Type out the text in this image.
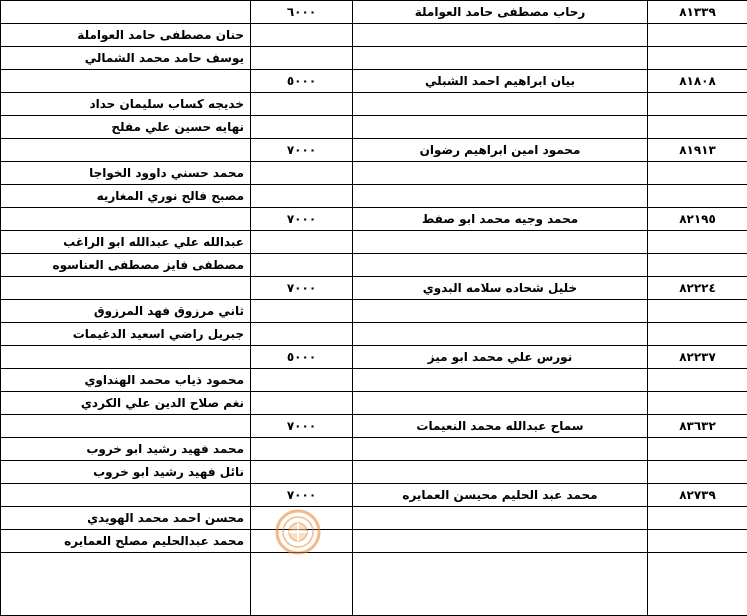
	٦٠٠٠	رحاب مصطفى حامد العواملة	٨١٣٣٩
حنان مصطفى حامد العواملة			
يوسف حامد محمد الشمالي			
	٥٠٠٠	بيان ابراهيم احمد الشبلي	٨١٨٠٨
خديجه كساب سليمان حداد			
نهايه حسين علي مفلح			
	٧٠٠٠	محمود امين ابراهيم رضوان	٨١٩١٣
محمد حسني داوود الخواجا			
مصبح فالح نوري المغاريه			
	٧٠٠٠	محمد وجيه محمد ابو صفط	٨٢١٩٥
عبدالله علي عبدالله ابو الراغب			
مصطفى فايز مصطفى العناسوه			
	٧٠٠٠	خليل شحاده سلامه البدوي	٨٢٢٢٤
ثاني مرزوق فهد المرزوق			
جبريل راضي اسعيد الدغيمات			
	٥٠٠٠	نورس علي محمد ابو ميز	٨٢٢٣٧
محمود ذياب محمد الهنداوي			
نغم صلاح الدين علي الكردي			
	٧٠٠٠	سماح عبدالله محمد النعيمات	٨٣٦٣٢
محمد فهيد رشيد ابو خروب			
نائل فهيد رشيد ابو خروب			
	٧٠٠٠	محمد عبد الحليم محيسن العمايره	٨٢٧٣٩
محسن احمد محمد الهويدي			
محمد عبدالحليم مصلح العمايره			
